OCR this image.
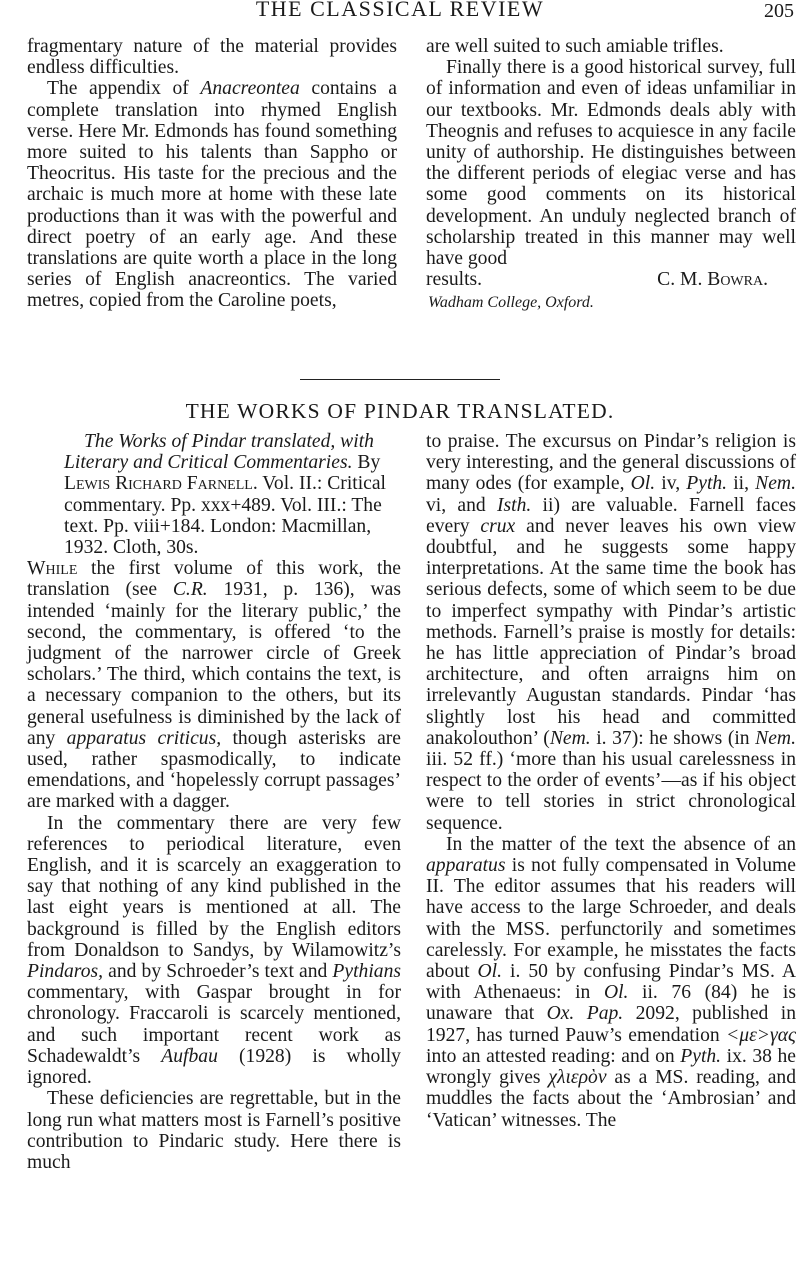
THE CLASSICAL REVIEW	205

fragmentary nature of the material provides endless difficulties.

The appendix of Anacreontea contains a complete translation into rhymed English verse. Here Mr. Edmonds has found something more suited to his talents than Sappho or Theocritus. His taste for the precious and the archaic is much more at home with these late productions than it was with the powerful and direct poetry of an early age. And these translations are quite worth a place in the long series of English anacreontics. The varied metres, copied from the Caroline poets,

are well suited to such amiable trifles.

Finally there is a good historical survey, full of information and even of ideas unfamiliar in our textbooks. Mr. Edmonds deals ably with Theognis and refuses to acquiesce in any facile unity of authorship. He distinguishes between the different periods of elegiac verse and has some good comments on its historical development. An unduly neglected branch of scholarship treated in this manner may well have good

results.	C. M. Bowra.
Wadham College, Oxford.
THE WORKS OF PINDAR TRANSLATED.

The Works of Pindar translated, with Literary and Critical Commentaries. By Lewis Richard Farnell. Vol. II.: Critical commentary. Pp. xxx+489. Vol. III.: The text. Pp. viii+184. London: Macmillan, 1932. Cloth, 30s.

While the first volume of this work, the translation (see C.R. 1931, p. 136), was intended ‘mainly for the literary public,’ the second, the commentary, is offered ‘to the judgment of the narrower circle of Greek scholars.’ The third, which contains the text, is a necessary companion to the others, but its general usefulness is diminished by the lack of any apparatus criticus, though asterisks are used, rather spasmodically, to indicate emendations, and ‘hopelessly corrupt passages’ are marked with a dagger.

In the commentary there are very few references to periodical literature, even English, and it is scarcely an exaggeration to say that nothing of any kind published in the last eight years is mentioned at all. The background is filled by the English editors from Donaldson to Sandys, by Wilamowitz’s Pindaros, and by Schroeder’s text and Pythians commentary, with Gaspar brought in for chronology. Fraccaroli is scarcely mentioned, and such important recent work as Schadewaldt’s Aufbau (1928) is wholly ignored.

These deficiencies are regrettable, but in the long run what matters most is Farnell’s positive contribution to Pindaric study. Here there is much

to praise. The excursus on Pindar’s religion is very interesting, and the general discussions of many odes (for example, Ol. iv, Pyth. ii, Nem. vi, and Isth. ii) are valuable. Farnell faces every crux and never leaves his own view doubtful, and he suggests some happy interpretations. At the same time the book has serious defects, some of which seem to be due to imperfect sympathy with Pindar’s artistic methods. Farnell’s praise is mostly for details: he has little appreciation of Pindar’s broad architecture, and often arraigns him on irrelevantly Augustan standards. Pindar ‘has slightly lost his head and committed anakolouthon’ (Nem. i. 37): he shows (in Nem. iii. 52 ff.) ‘more than his usual carelessness in respect to the order of events’—as if his object were to tell stories in strict chronological sequence.

In the matter of the text the absence of an apparatus is not fully compensated in Volume II. The editor assumes that his readers will have access to the large Schroeder, and deals with the MSS. perfunctorily and sometimes carelessly. For example, he misstates the facts about Ol. i. 50 by confusing Pindar’s MS. A with Athenaeus: in Ol. ii. 76 (84) he is unaware that Ox. Pap. 2092, published in 1927, has turned Pauw’s emendation <με>γας into an attested reading: and on Pyth. ix. 38 he wrongly gives χλιερὸν as a MS. reading, and muddles the facts about the ‘Ambrosian’ and ‘Vatican’ witnesses. The
